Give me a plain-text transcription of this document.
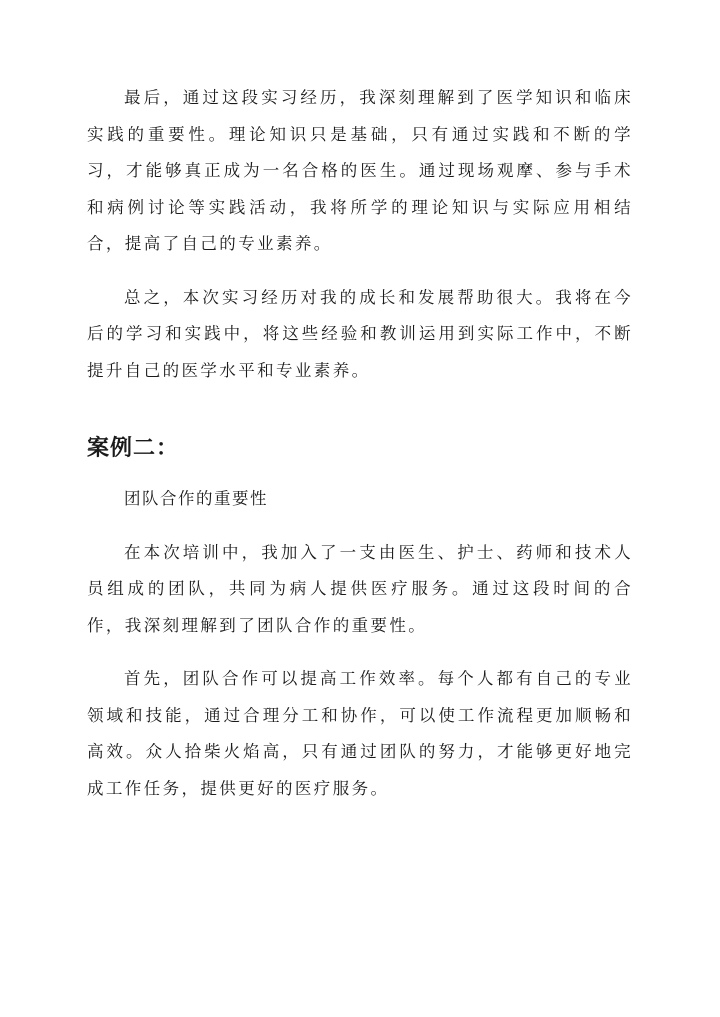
最后，通过这段实习经历，我深刻理解到了医学知识和临床实践的重要性。理论知识只是基础，只有通过实践和不断的学习，才能够真正成为一名合格的医生。通过现场观摩、参与手术和病例讨论等实践活动，我将所学的理论知识与实际应用相结合，提高了自己的专业素养。

总之，本次实习经历对我的成长和发展帮助很大。我将在今后的学习和实践中，将这些经验和教训运用到实际工作中，不断提升自己的医学水平和专业素养。

案例二：
团队合作的重要性

在本次培训中，我加入了一支由医生、护士、药师和技术人员组成的团队，共同为病人提供医疗服务。通过这段时间的合作，我深刻理解到了团队合作的重要性。

首先，团队合作可以提高工作效率。每个人都有自己的专业领域和技能，通过合理分工和协作，可以使工作流程更加顺畅和高效。众人拾柴火焰高，只有通过团队的努力，才能够更好地完成工作任务，提供更好的医疗服务。
